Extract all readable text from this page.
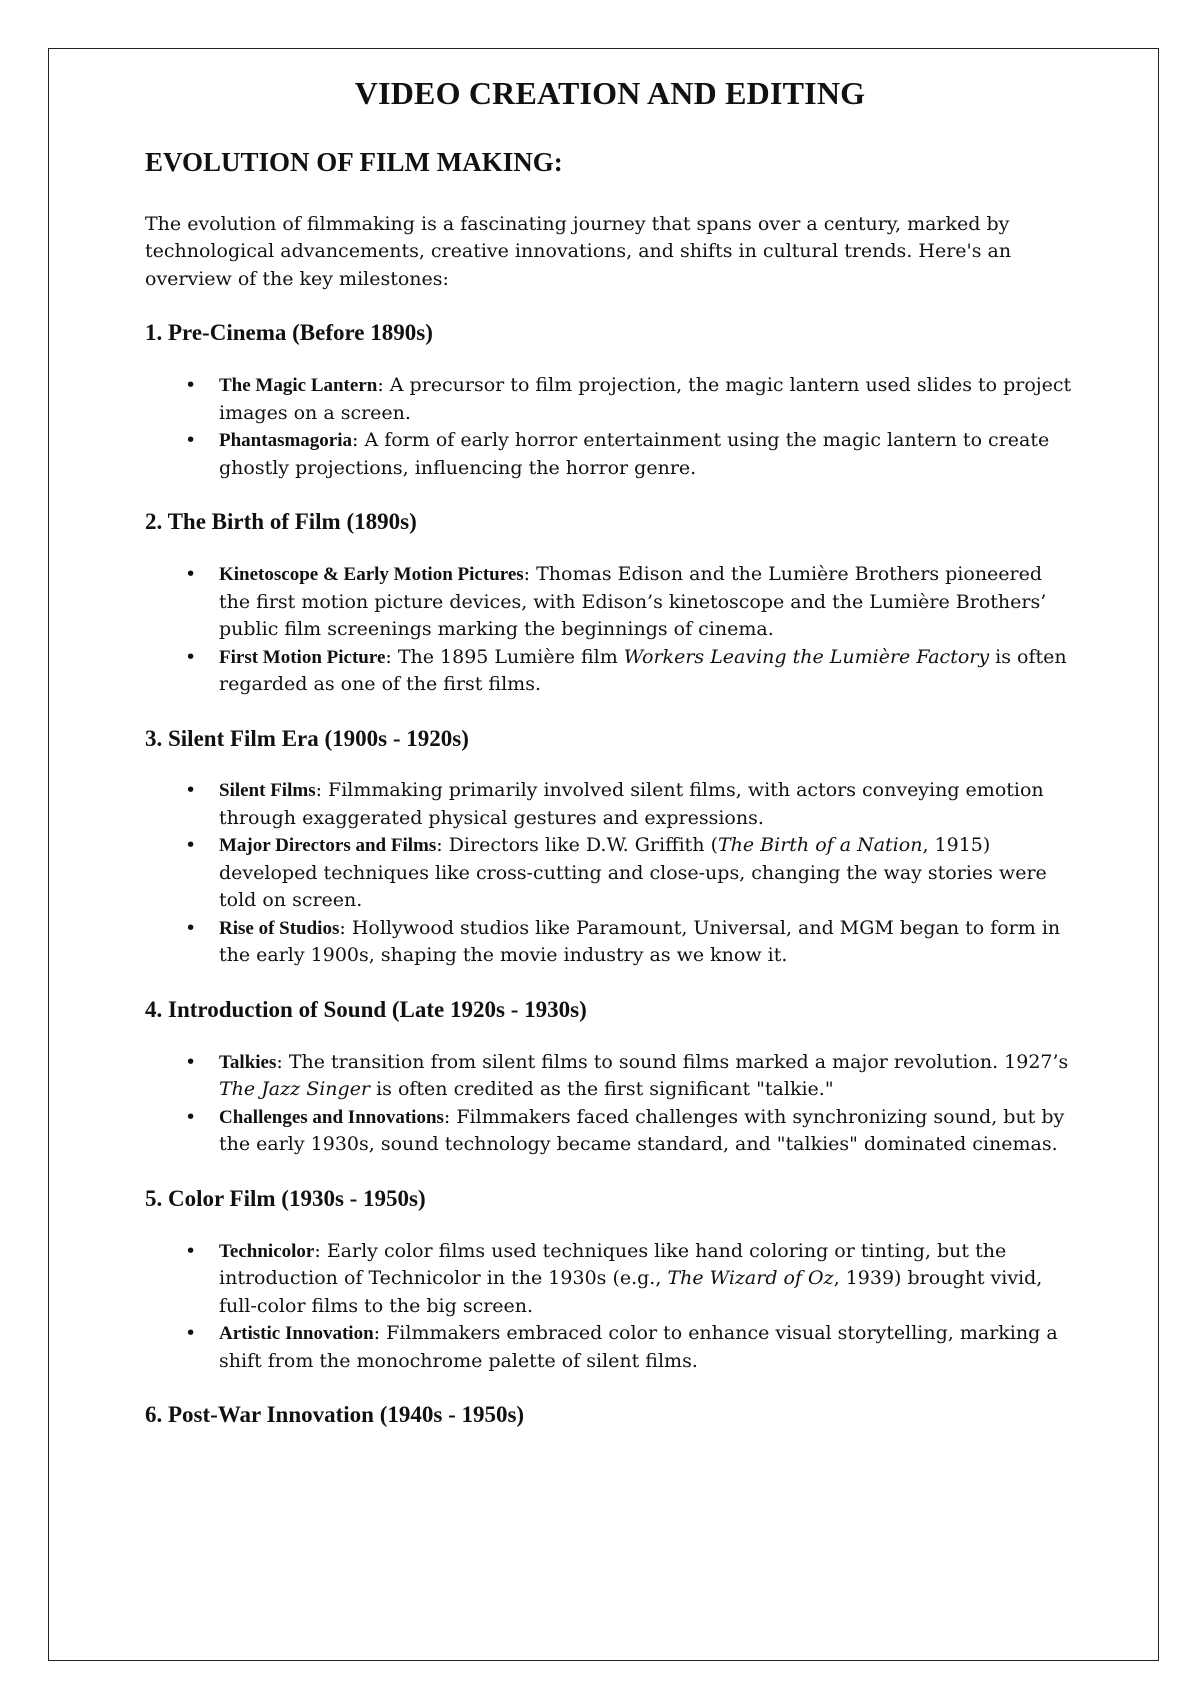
VIDEO CREATION AND EDITING
EVOLUTION OF FILM MAKING:

The evolution of filmmaking is a fascinating journey that spans over a century, marked by technological advancements, creative innovations, and shifts in cultural trends. Here's an overview of the key milestones:

1. Pre-Cinema (Before 1890s)
• The Magic Lantern: A precursor to film projection, the magic lantern used slides to project images on a screen.
• Phantasmagoria: A form of early horror entertainment using the magic lantern to create ghostly projections, influencing the horror genre.
2. The Birth of Film (1890s)
• Kinetoscope & Early Motion Pictures: Thomas Edison and the Lumière Brothers pioneered the first motion picture devices, with Edison’s kinetoscope and the Lumière Brothers’ public film screenings marking the beginnings of cinema.
• First Motion Picture: The 1895 Lumière film Workers Leaving the Lumière Factory is often regarded as one of the first films.
3. Silent Film Era (1900s - 1920s)
• Silent Films: Filmmaking primarily involved silent films, with actors conveying emotion through exaggerated physical gestures and expressions.
• Major Directors and Films: Directors like D.W. Griffith (The Birth of a Nation, 1915) developed techniques like cross-cutting and close-ups, changing the way stories were told on screen.
• Rise of Studios: Hollywood studios like Paramount, Universal, and MGM began to form in the early 1900s, shaping the movie industry as we know it.
4. Introduction of Sound (Late 1920s - 1930s)
• Talkies: The transition from silent films to sound films marked a major revolution. 1927’s The Jazz Singer is often credited as the first significant "talkie."
• Challenges and Innovations: Filmmakers faced challenges with synchronizing sound, but by the early 1930s, sound technology became standard, and "talkies" dominated cinemas.
5. Color Film (1930s - 1950s)
• Technicolor: Early color films used techniques like hand coloring or tinting, but the introduction of Technicolor in the 1930s (e.g., The Wizard of Oz, 1939) brought vivid, full-color films to the big screen.
• Artistic Innovation: Filmmakers embraced color to enhance visual storytelling, marking a shift from the monochrome palette of silent films.
6. Post-War Innovation (1940s - 1950s)
